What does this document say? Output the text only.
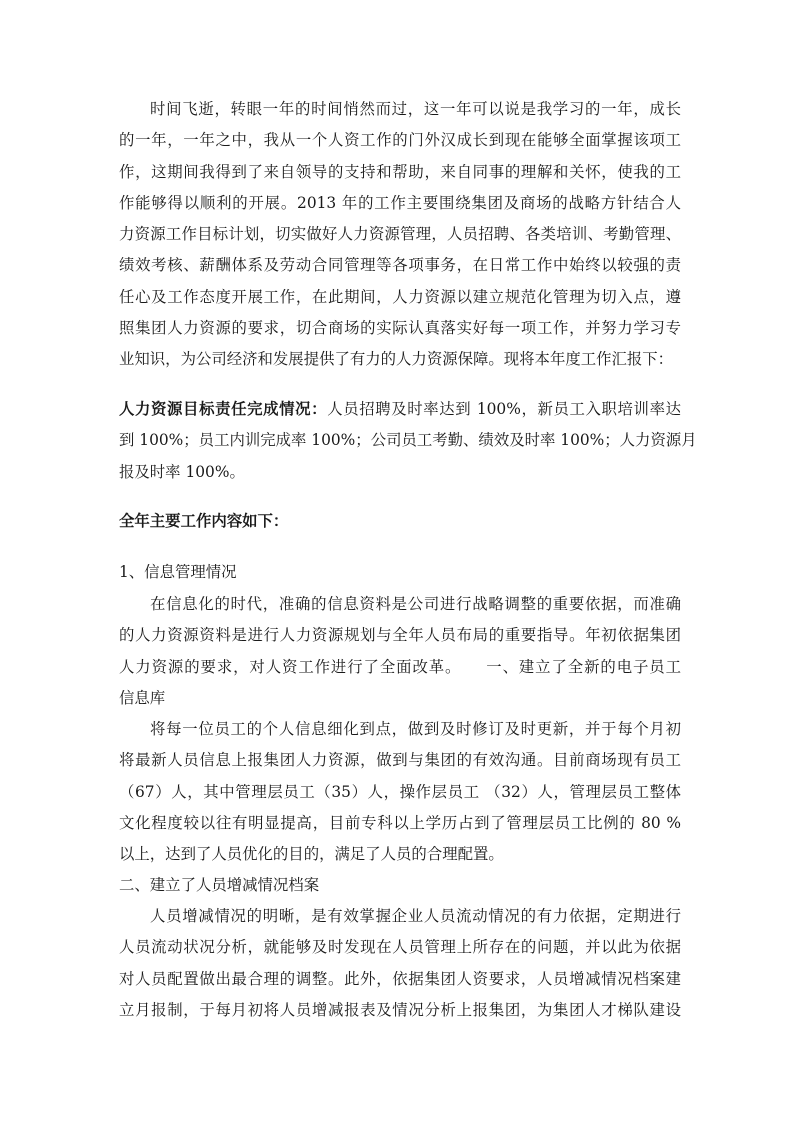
时间飞逝，转眼一年的时间悄然而过，这一年可以说是我学习的一年，成长
的一年，一年之中，我从一个人资工作的门外汉成长到现在能够全面掌握该项工
作，这期间我得到了来自领导的支持和帮助，来自同事的理解和关怀，使我的工
作能够得以顺利的开展。2013 年的工作主要围绕集团及商场的战略方针结合人
力资源工作目标计划，切实做好人力资源管理，人员招聘、各类培训、考勤管理、
绩效考核、薪酬体系及劳动合同管理等各项事务，在日常工作中始终以较强的责
任心及工作态度开展工作，在此期间，人力资源以建立规范化管理为切入点，遵
照集团人力资源的要求，切合商场的实际认真落实好每一项工作，并努力学习专
业知识，为公司经济和发展提供了有力的人力资源保障。现将本年度工作汇报下：
人力资源目标责任完成情况：人员招聘及时率达到 100%，新员工入职培训率达
到 100%；员工内训完成率 100%；公司员工考勤、绩效及时率 100%；人力资源月
报及时率 100%。
全年主要工作内容如下：
1、信息管理情况
在信息化的时代，准确的信息资料是公司进行战略调整的重要依据，而准确
的人力资源资料是进行人力资源规划与全年人员布局的重要指导。年初依据集团
人力资源的要求，对人资工作进行了全面改革。　　一、建立了全新的电子员工
信息库
将每一位员工的个人信息细化到点，做到及时修订及时更新，并于每个月初
将最新人员信息上报集团人力资源，做到与集团的有效沟通。目前商场现有员工
（67）人，其中管理层员工（35）人，操作层员工 （32）人，管理层员工整体
文化程度较以往有明显提高，目前专科以上学历占到了管理层员工比例的 80 %
以上，达到了人员优化的目的，满足了人员的合理配置。
二、建立了人员增减情况档案
人员增减情况的明晰，是有效掌握企业人员流动情况的有力依据，定期进行
人员流动状况分析，就能够及时发现在人员管理上所存在的问题，并以此为依据
对人员配置做出最合理的调整。此外，依据集团人资要求，人员增减情况档案建
立月报制，于每月初将人员增减报表及情况分析上报集团，为集团人才梯队建设
